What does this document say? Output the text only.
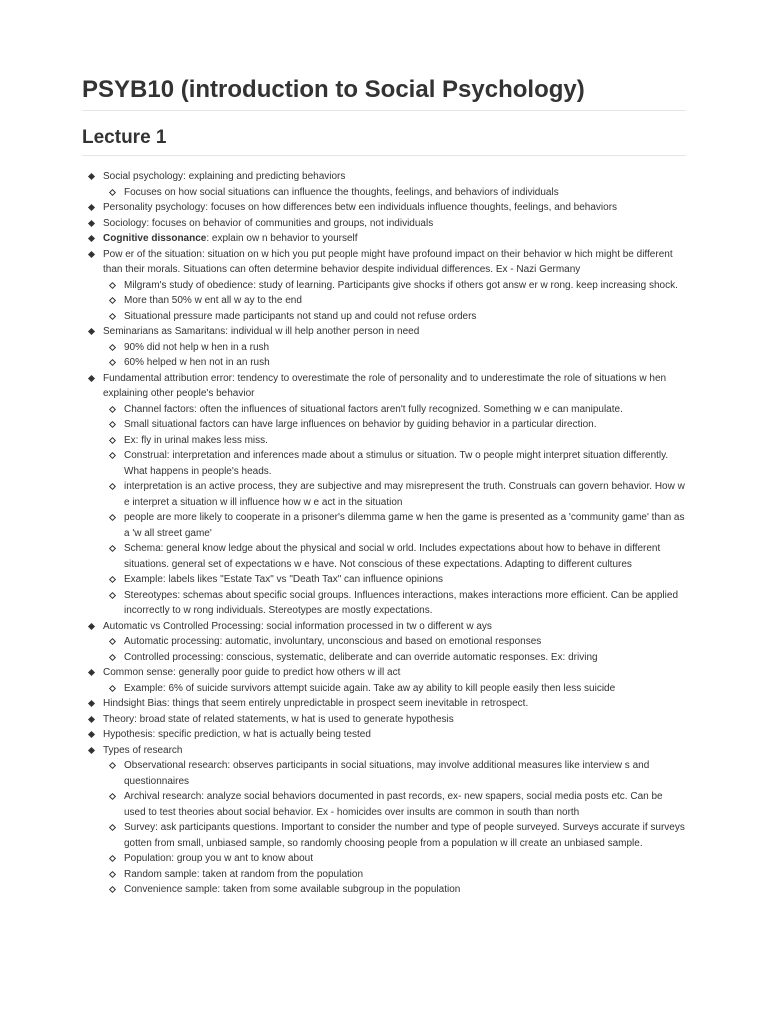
PSYB10 (introduction to Social Psychology)
Lecture 1
Social psychology: explaining and predicting behaviors
Focuses on how social situations can influence the thoughts, feelings, and behaviors of individuals
Personality psychology: focuses on how differences betw een individuals influence thoughts, feelings, and behaviors
Sociology: focuses on behavior of communities and groups, not individuals
Cognitive dissonance: explain ow n behavior to yourself
Pow er of the situation: situation on w hich you put people might have profound impact on their behavior w hich might be different than their morals. Situations can often determine behavior despite individual differences. Ex - Nazi Germany
Milgram's study of obedience: study of learning. Participants give shocks if others got answ er w rong. keep increasing shock.
More than 50% w ent all w ay to the end
Situational pressure made participants not stand up and could not refuse orders
Seminarians as Samaritans: individual w ill help another person in need
90% did not help w hen in a rush
60% helped w hen not in an rush
Fundamental attribution error: tendency to overestimate the role of personality and to underestimate the role of situations w hen explaining other people's behavior
Channel factors: often the influences of situational factors aren't fully recognized. Something w e can manipulate.
Small situational factors can have large influences on behavior by guiding behavior in a particular direction.
Ex: fly in urinal makes less miss.
Construal: interpretation and inferences made about a stimulus or situation. Tw o people might interpret situation differently. What happens in people's heads.
interpretation is an active process, they are subjective and may misrepresent the truth. Construals can govern behavior. How w e interpret a situation w ill influence how w e act in the situation
people are more likely to cooperate in a prisoner's dilemma game w hen the game is presented as a 'community game' than as a 'w all street game'
Schema: general know ledge about the physical and social w orld. Includes expectations about how to behave in different situations. general set of expectations w e have. Not conscious of these expectations. Adapting to different cultures
Example: labels likes "Estate Tax" vs "Death Tax" can influence opinions
Stereotypes: schemas about specific social groups. Influences interactions, makes interactions more efficient. Can be applied incorrectly to w rong individuals. Stereotypes are mostly expectations.
Automatic vs Controlled Processing: social information processed in tw o different w ays
Automatic processing: automatic, involuntary, unconscious and based on emotional responses
Controlled processing: conscious, systematic, deliberate and can override automatic responses. Ex: driving
Common sense: generally poor guide to predict how others w ill act
Example: 6% of suicide survivors attempt suicide again. Take aw ay ability to kill people easily then less suicide
Hindsight Bias: things that seem entirely unpredictable in prospect seem inevitable in retrospect.
Theory: broad state of related statements, w hat is used to generate hypothesis
Hypothesis: specific prediction, w hat is actually being tested
Types of research
Observational research: observes participants in social situations, may involve additional measures like interview s and questionnaires
Archival research: analyze social behaviors documented in past records, ex- new spapers, social media posts etc. Can be used to test theories about social behavior. Ex - homicides over insults are common in south than north
Survey: ask participants questions. Important to consider the number and type of people surveyed. Surveys accurate if surveys gotten from small, unbiased sample, so randomly choosing people from a population w ill create an unbiased sample.
Population: group you w ant to know about
Random sample: taken at random from the population
Convenience sample: taken from some available subgroup in the population
